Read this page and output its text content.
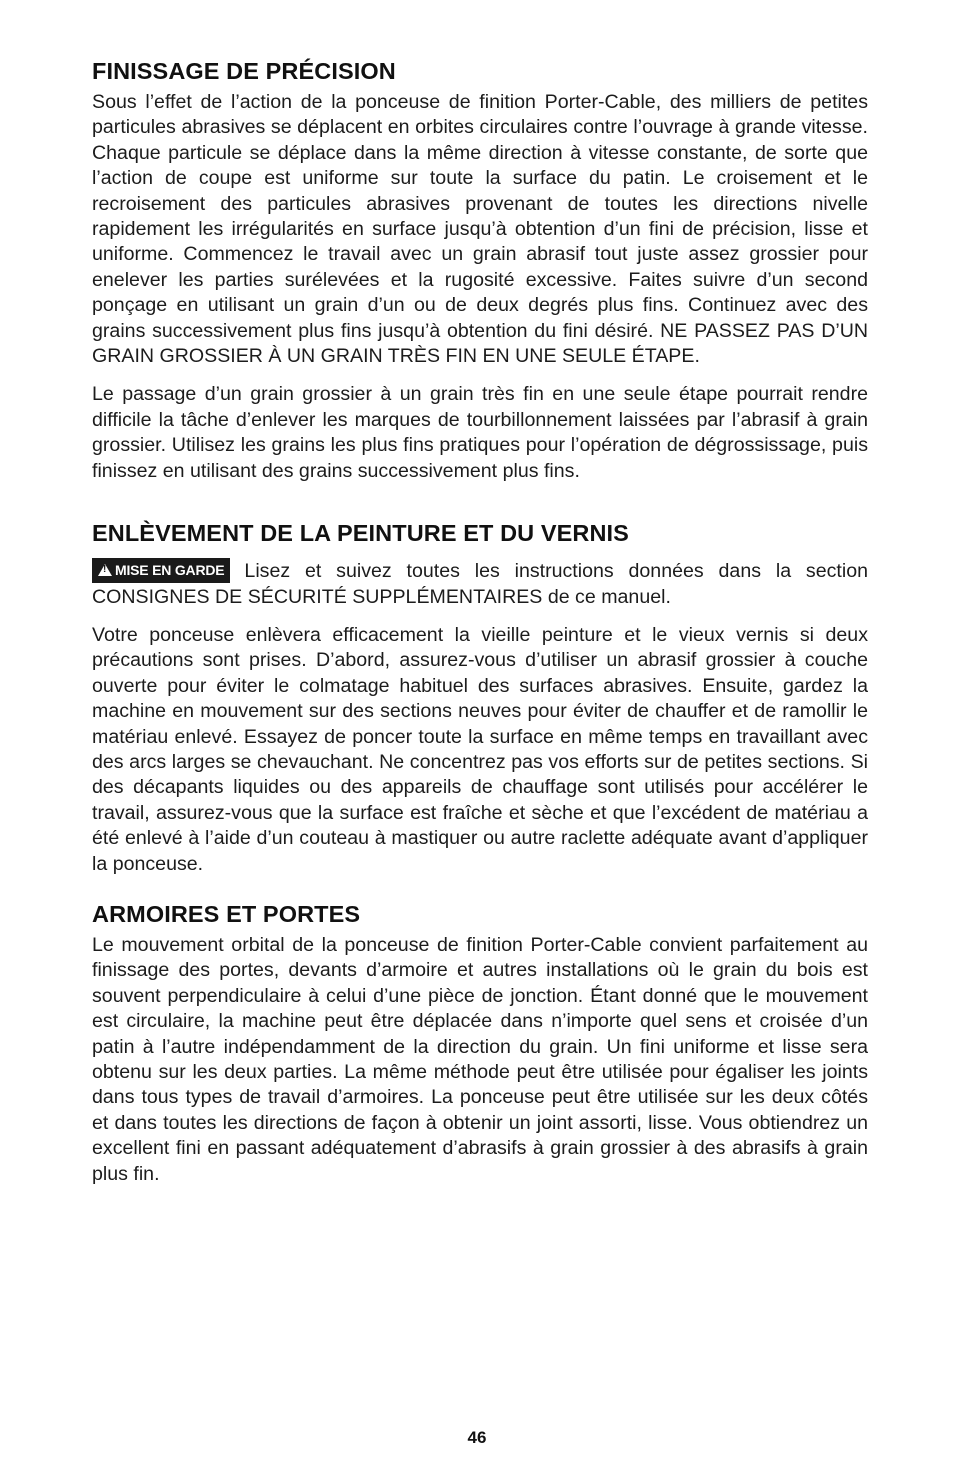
FINISSAGE DE PRÉCISION

Sous l’effet de l’action de la ponceuse de finition Porter-Cable, des milliers de petites particules abrasives se déplacent en orbites circulaires contre l’ouvrage à grande vitesse. Chaque particule se déplace dans la même direction à vitesse constante, de sorte que l’action de coupe est uniforme sur toute la surface du patin. Le croisement et le recroisement des particules abrasives provenant de toutes les directions nivelle rapidement les irrégularités en surface jusqu’à obtention d’un fini de précision, lisse et uniforme. Commencez le travail avec un grain abrasif tout juste assez grossier pour enelever les parties surélevées et la rugosité excessive. Faites suivre d’un second ponçage en utilisant un grain d’un ou de deux degrés plus fins. Continuez avec des grains successivement plus fins jusqu’à obtention du fini désiré. NE PASSEZ PAS D’UN GRAIN GROSSIER À UN GRAIN TRÈS FIN EN UNE SEULE ÉTAPE.

Le passage d’un grain grossier à un grain très fin en une seule étape pourrait rendre difficile la tâche d’enlever les marques de tourbillonnement laissées par l’abrasif à grain grossier. Utilisez les grains les plus fins pratiques pour l’opération de dégrossissage, puis finissez en utilisant des grains successivement plus fins.

ENLÈVEMENT DE LA PEINTURE ET DU VERNIS

!MISE EN GARDE Lisez et suivez toutes les instructions données dans la section CONSIGNES DE SÉCURITÉ SUPPLÉMENTAIRES de ce manuel.

Votre ponceuse enlèvera efficacement la vieille peinture et le vieux vernis si deux précautions sont prises. D’abord, assurez-vous d’utiliser un abrasif grossier à couche ouverte pour éviter le colmatage habituel des surfaces abrasives. Ensuite, gardez la machine en mouvement sur des sections neuves pour éviter de chauffer et de ramollir le matériau enlevé. Essayez de poncer toute la surface en même temps en travaillant avec des arcs larges se chevauchant. Ne concentrez pas vos efforts sur de petites sections. Si des décapants liquides ou des appareils de chauffage sont utilisés pour accélérer le travail, assurez-vous que la surface est fraîche et sèche et que l’excédent de matériau a été enlevé à l’aide d’un couteau à mastiquer ou autre raclette adéquate avant d’appliquer la ponceuse.

ARMOIRES ET PORTES

Le mouvement orbital de la ponceuse de finition Porter-Cable convient parfaitement au finissage des portes, devants d’armoire et autres installations où le grain du bois est souvent perpendiculaire à celui d’une pièce de jonction. Étant donné que le mouvement est circulaire, la machine peut être déplacée dans n’importe quel sens et croisée d’un patin à l’autre indépendamment de la direction du grain. Un fini uniforme et lisse sera obtenu sur les deux parties. La même méthode peut être utilisée pour égaliser les joints dans tous types de travail d’armoires. La ponceuse peut être utilisée sur les deux côtés et dans toutes les directions de façon à obtenir un joint assorti, lisse. Vous obtiendrez un excellent fini en passant adéquatement d’abrasifs à grain grossier à des abrasifs à grain plus fin.

46
